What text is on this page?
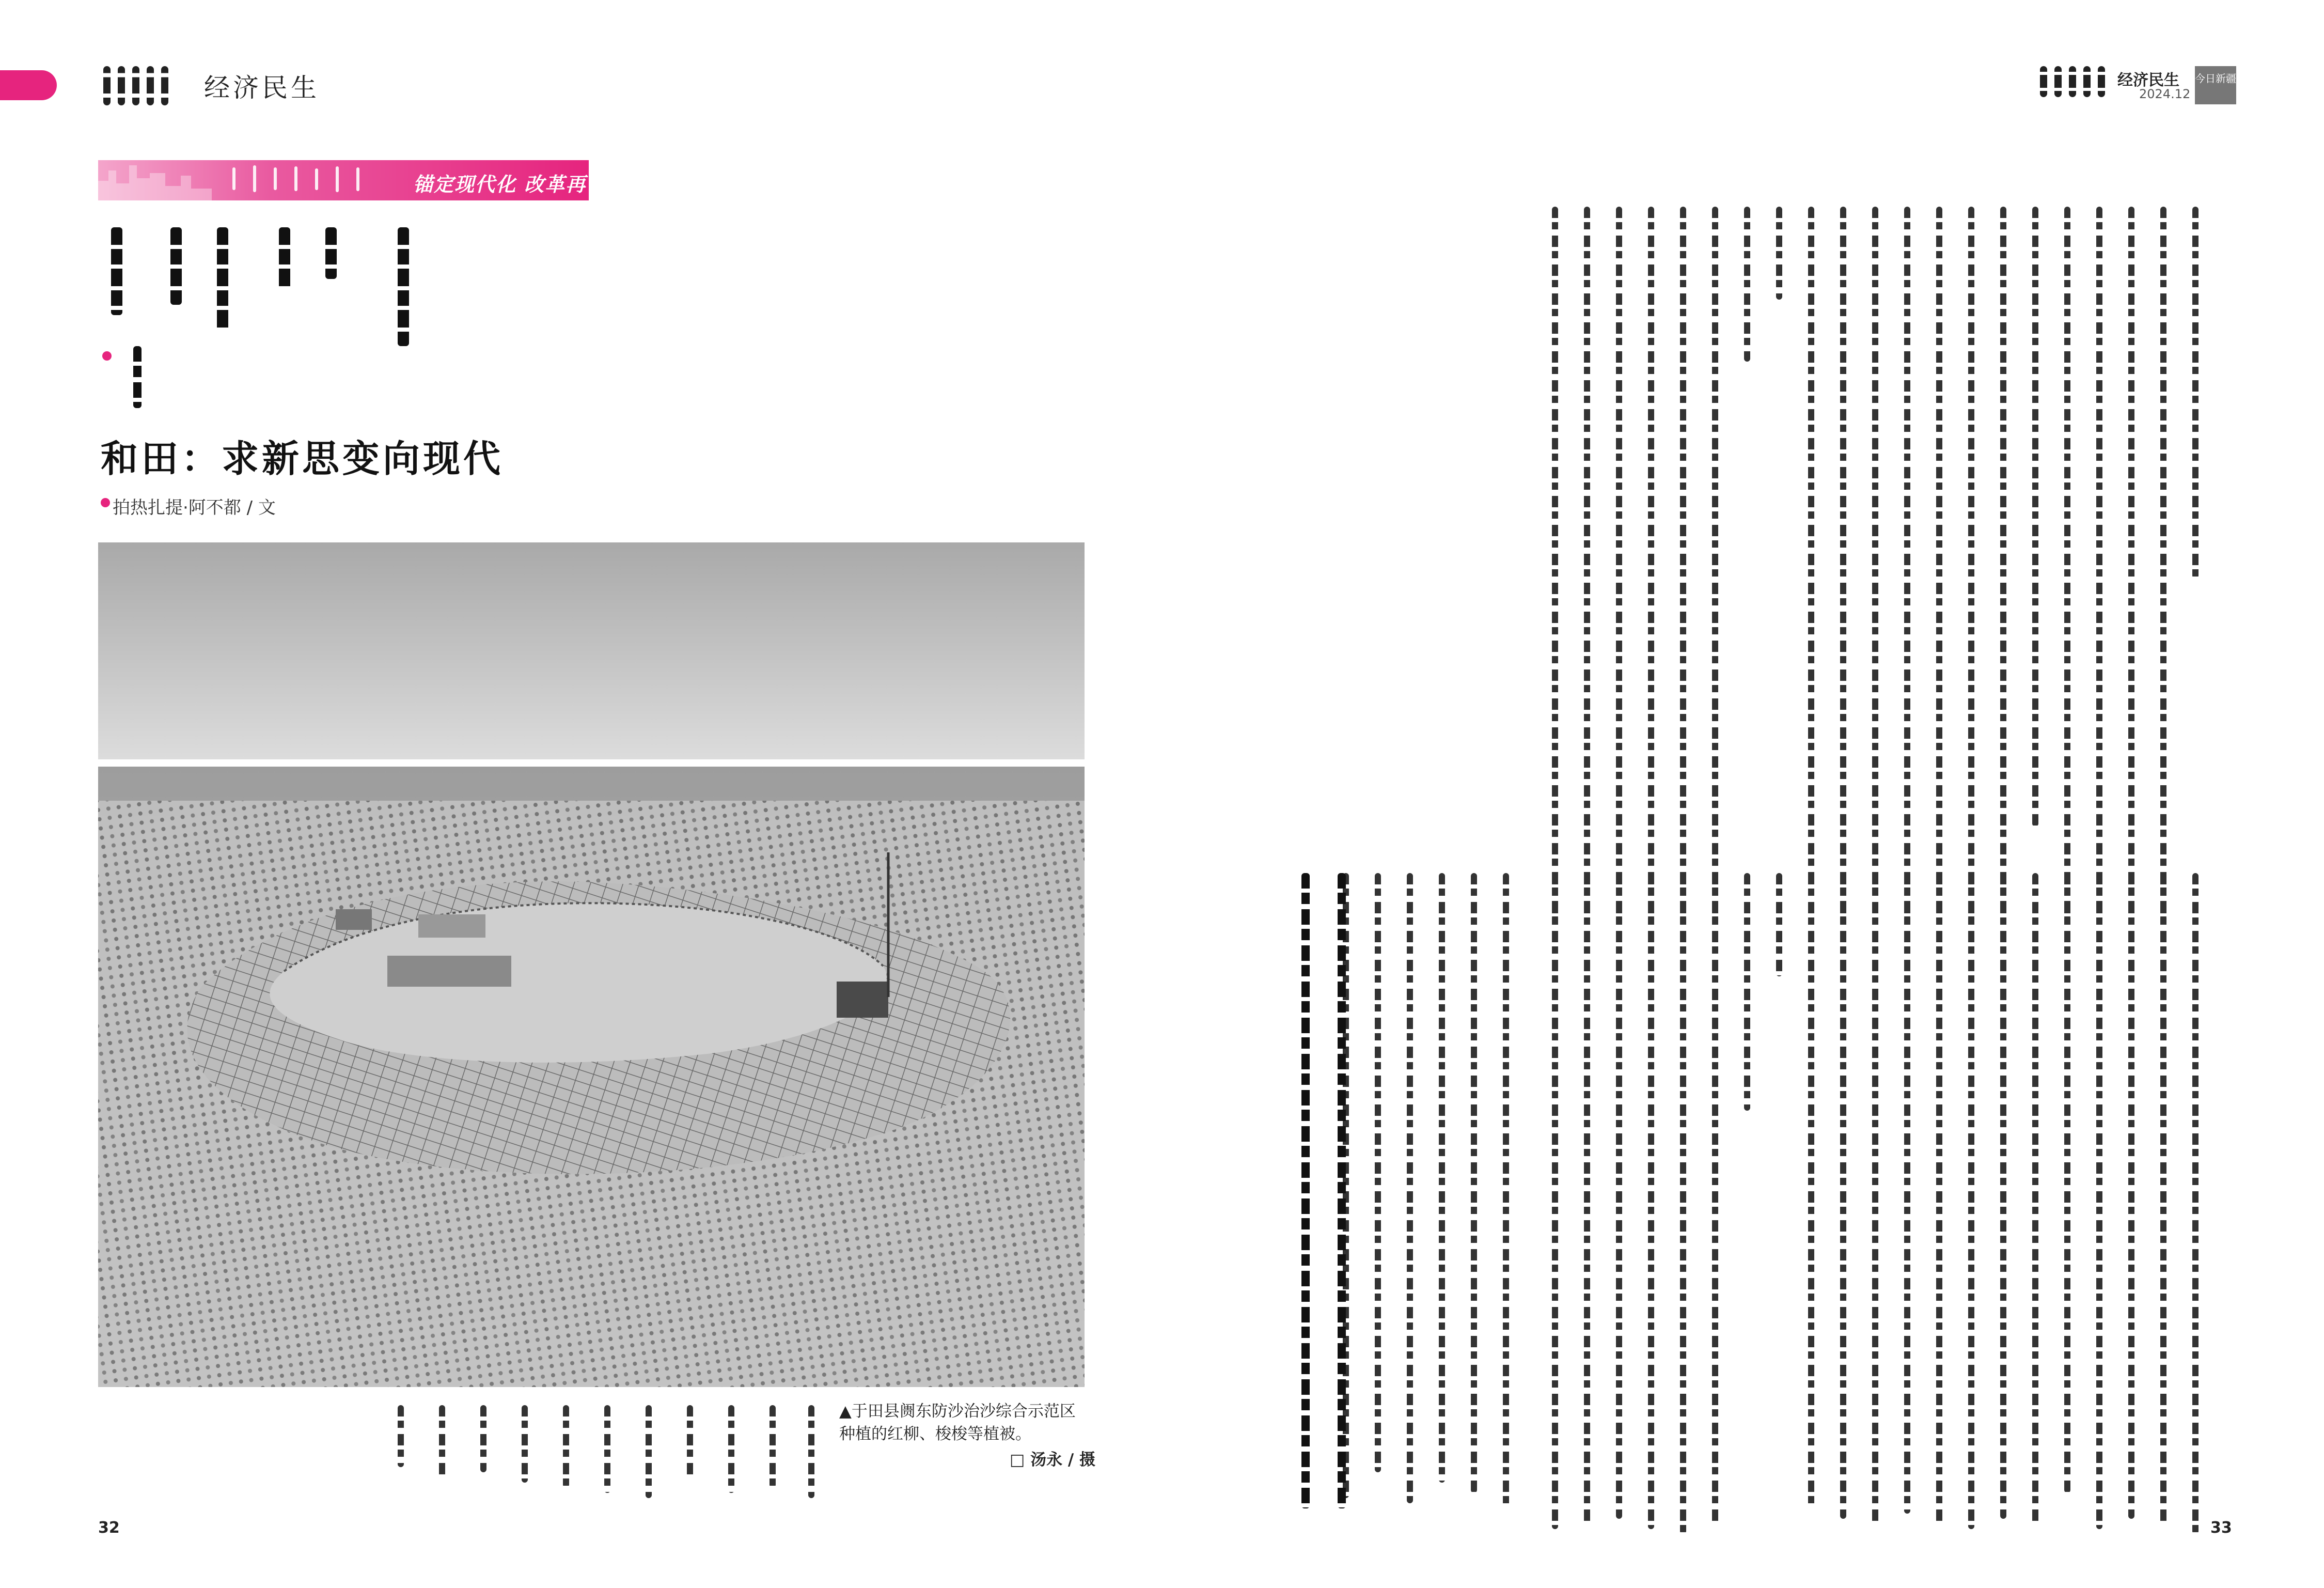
经济民生	经济民生
2024.12
今日新疆
锚定现代化 改革再深化
和田：求新思变向现代
拍热扎提·阿不都 / 文
▲于田县阓东防沙治沙综合示范区种植的红柳、梭梭等植被。
□ 汤永 / 摄
32	33
